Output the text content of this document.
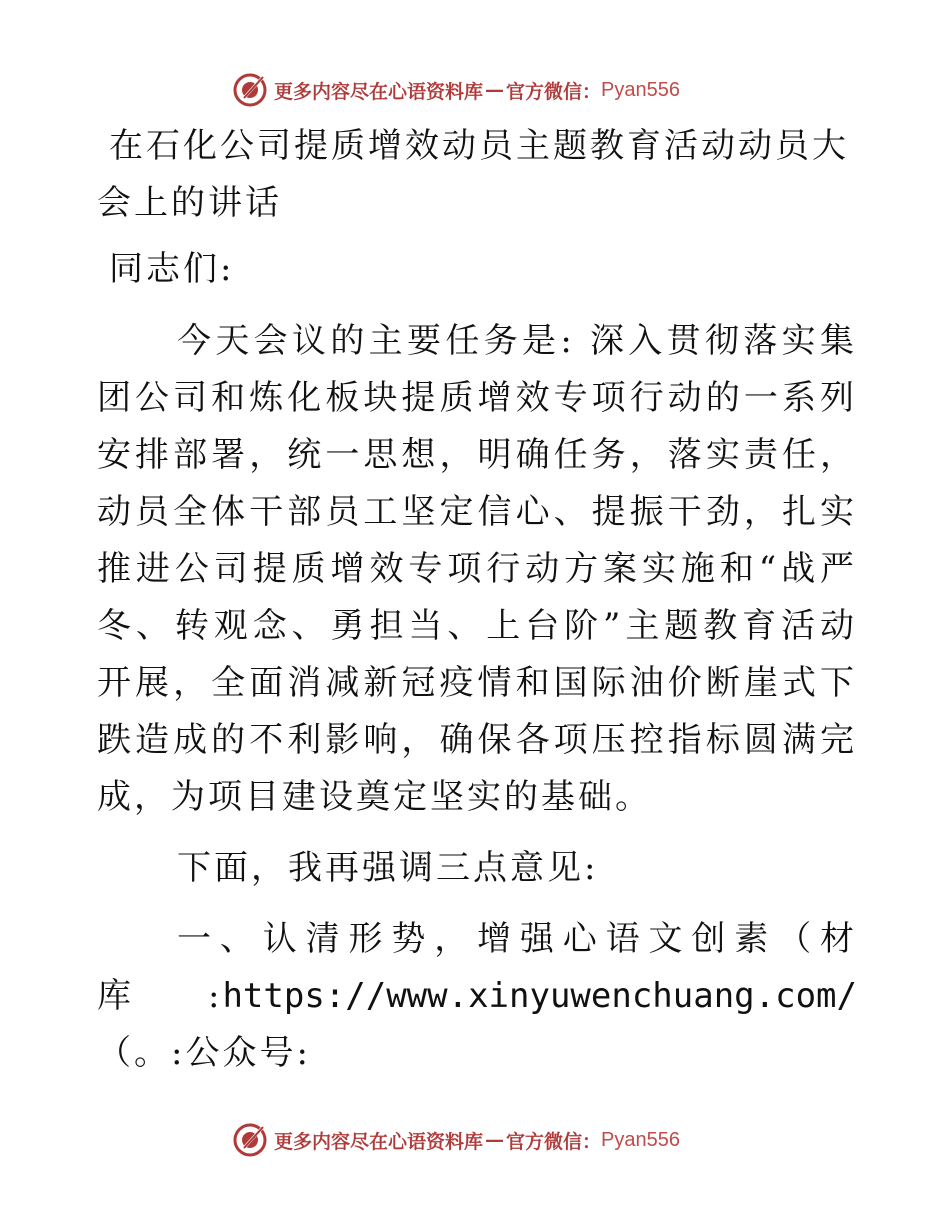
更多内容尽在心语资料库 — 官方微信： Pyan556

在石化公司提质增效动员主题教育活动动员大会上的讲话

同志们:

今天会议的主要任务是: 深入贯彻落实集团公司和炼化板块提质增效专项行动的一系列安排部署，统一思想，明确任务，落实责任，动员全体干部员工坚定信心、提振干劲，扎实推进公司提质增效专项行动方案实施和“战严冬、转观念、勇担当、上台阶”主题教育活动开展，全面消减新冠疫情和国际油价断崖式下跌造成的不利影响，确保各项压控指标圆满完成，为项目建设奠定坚实的基础。

下面，我再强调三点意见:

一、认清形势，增强心语文创素（材库:https://www.xinyuwenchuang.com/（。:公众号:

更多内容尽在心语资料库 — 官方微信： Pyan556
